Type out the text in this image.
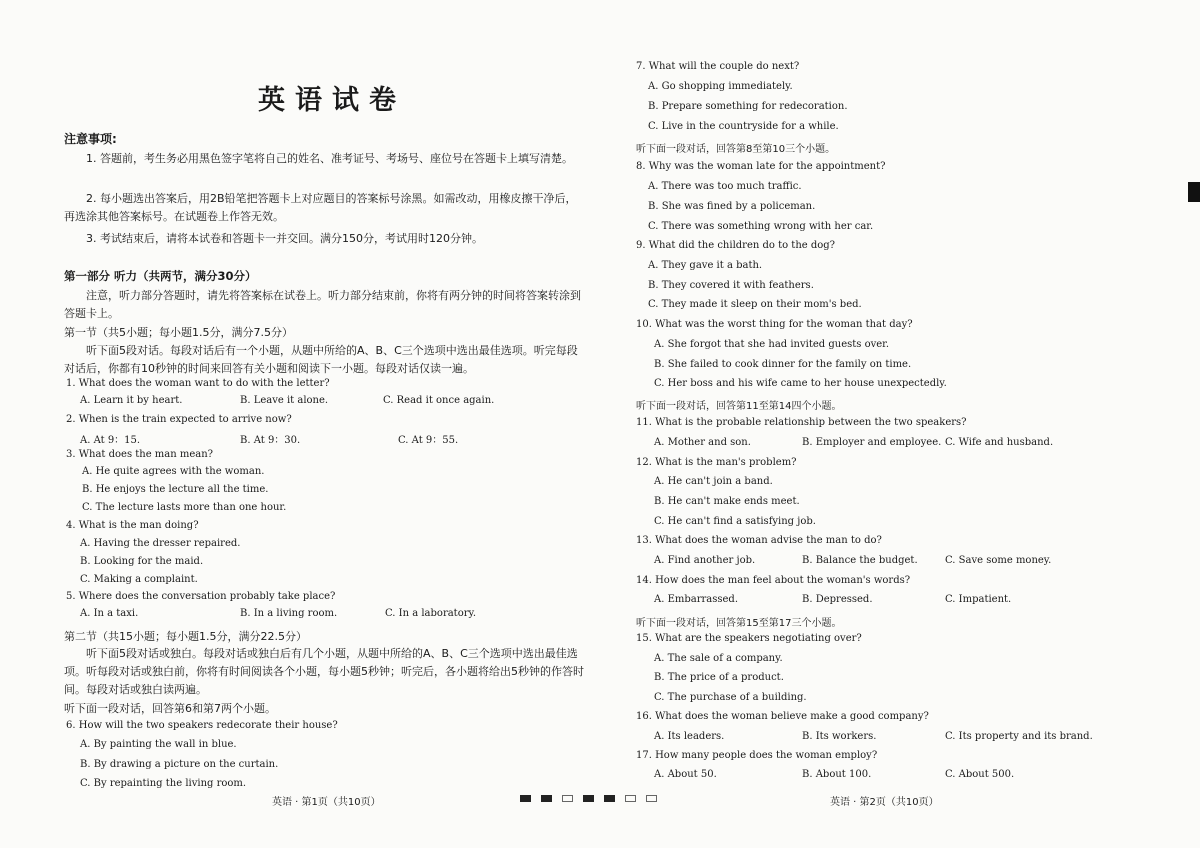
英语试卷
注意事项:
1. 答题前，考生务必用黑色签字笔将自己的姓名、准考证号、考场号、座位号在答题卡上填写清楚。
2. 每小题选出答案后，用2B铅笔把答题卡上对应题目的答案标号涂黑。如需改动，用橡皮擦干净后，再选涂其他答案标号。在试题卷上作答无效。
3. 考试结束后，请将本试卷和答题卡一并交回。满分150分，考试用时120分钟。
第一部分 听力（共两节，满分30分）
注意，听力部分答题时，请先将答案标在试卷上。听力部分结束前，你将有两分钟的时间将答案转涂到答题卡上。
第一节（共5小题；每小题1.5分，满分7.5分）
听下面5段对话。每段对话后有一个小题，从题中所给的A、B、C三个选项中选出最佳选项。听完每段对话后，你都有10秒钟的时间来回答有关小题和阅读下一小题。每段对话仅读一遍。
1. What does the woman want to do with the letter?
A. Learn it by heart.	B. Leave it alone.	C. Read it once again.
2. When is the train expected to arrive now?
A. At 9：15.	B. At 9：30.	C. At 9：55.
3. What does the man mean?
A. He quite agrees with the woman.
B. He enjoys the lecture all the time.
C. The lecture lasts more than one hour.
4. What is the man doing?
A. Having the dresser repaired.
B. Looking for the maid.
C. Making a complaint.
5. Where does the conversation probably take place?
A. In a taxi.	B. In a living room.	C. In a laboratory.
第二节（共15小题；每小题1.5分，满分22.5分）
听下面5段对话或独白。每段对话或独白后有几个小题，从题中所给的A、B、C三个选项中选出最佳选项。听每段对话或独白前，你将有时间阅读各个小题，每小题5秒钟；听完后，各小题将给出5秒钟的作答时间。每段对话或独白读两遍。
听下面一段对话，回答第6和第7两个小题。
6. How will the two speakers redecorate their house?
A. By painting the wall in blue.
B. By drawing a picture on the curtain.
C. By repainting the living room.
英语 · 第1页（共10页）
7. What will the couple do next?
A. Go shopping immediately.
B. Prepare something for redecoration.
C. Live in the countryside for a while.
听下面一段对话，回答第8至第10三个小题。
8. Why was the woman late for the appointment?
A. There was too much traffic.
B. She was fined by a policeman.
C. There was something wrong with her car.
9. What did the children do to the dog?
A. They gave it a bath.
B. They covered it with feathers.
C. They made it sleep on their mom's bed.
10. What was the worst thing for the woman that day?
A. She forgot that she had invited guests over.
B. She failed to cook dinner for the family on time.
C. Her boss and his wife came to her house unexpectedly.
听下面一段对话，回答第11至第14四个小题。
11. What is the probable relationship between the two speakers?
A. Mother and son.	B. Employer and employee. C. Wife and husband.
12. What is the man's problem?
A. He can't join a band.
B. He can't make ends meet.
C. He can't find a satisfying job.
13. What does the woman advise the man to do?
A. Find another job.	B. Balance the budget.	C. Save some money.
14. How does the man feel about the woman's words?
A. Embarrassed.	B. Depressed.	C. Impatient.
听下面一段对话，回答第15至第17三个小题。
15. What are the speakers negotiating over?
A. The sale of a company.
B. The price of a product.
C. The purchase of a building.
16. What does the woman believe make a good company?
A. Its leaders.	B. Its workers.	C. Its property and its brand.
17. How many people does the woman employ?
A. About 50.	B. About 100.	C. About 500.
英语 · 第2页（共10页）
